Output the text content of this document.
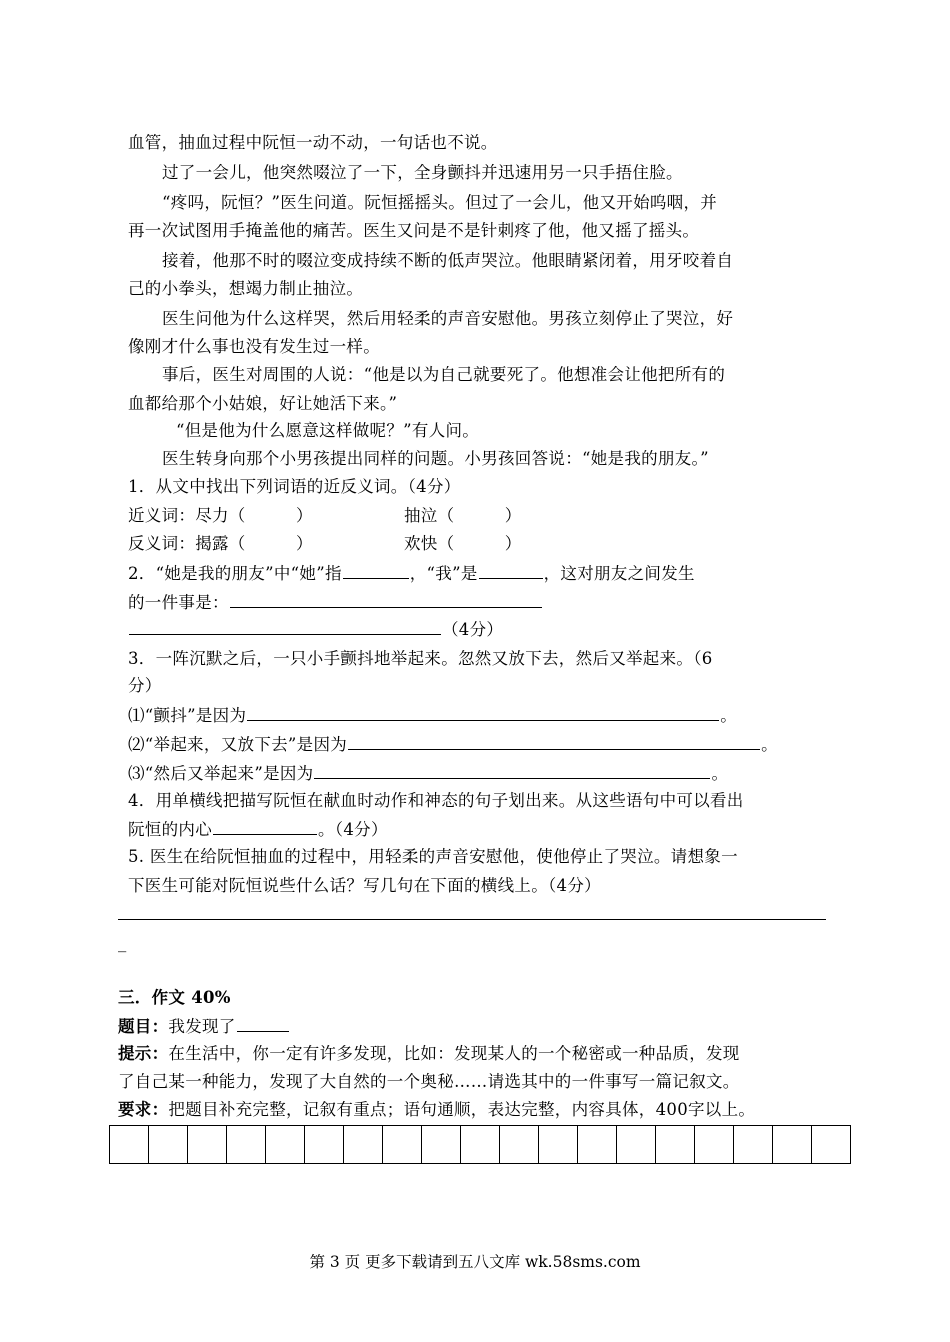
血管，抽血过程中阮恒一动不动，一句话也不说。
过了一会儿，他突然啜泣了一下，全身颤抖并迅速用另一只手捂住脸。
“疼吗，阮恒？”医生问道。阮恒摇摇头。但过了一会儿，他又开始呜咽，并
再一次试图用手掩盖他的痛苦。医生又问是不是针刺疼了他，他又摇了摇头。
接着，他那不时的啜泣变成持续不断的低声哭泣。他眼睛紧闭着，用牙咬着自
己的小拳头，想竭力制止抽泣。
医生问他为什么这样哭，然后用轻柔的声音安慰他。男孩立刻停止了哭泣，好
像刚才什么事也没有发生过一样。
事后，医生对周围的人说：“他是以为自己就要死了。他想准会让他把所有的
血都给那个小姑娘，好让她活下来。”
“但是他为什么愿意这样做呢？”有人问。
医生转身向那个小男孩提出同样的问题。小男孩回答说：“她是我的朋友。”
1．从文中找出下列词语的近反义词。（4分）
近义词：尽力（　　　）	抽泣（　　　）
反义词：揭露（　　　）	欢快（　　　）
2．“她是我的朋友”中“她”指	，“我”是	，这对朋友之间发生
的一件事是：
（4分）
3．一阵沉默之后，一只小手颤抖地举起来。忽然又放下去，然后又举起来。（6
分）
⑴“颤抖”是因为	。
⑵“举起来，又放下去”是因为	。
⑶“然后又举起来”是因为	。
4．用单横线把描写阮恒在献血时动作和神态的句子划出来。从这些语句中可以看出
阮恒的内心	。（4分）
5. 医生在给阮恒抽血的过程中，用轻柔的声音安慰他，使他停止了哭泣。请想象一
下医生可能对阮恒说些什么话？写几句在下面的横线上。（4分）
_
三．作文 40%
题目：我发现了
提示：在生活中，你一定有许多发现，比如：发现某人的一个秘密或一种品质，发现
了自己某一种能力，发现了大自然的一个奥秘……请选其中的一件事写一篇记叙文。
要求：把题目补充完整，记叙有重点；语句通顺，表达完整，内容具体，400字以上。
第 3 页 更多下载请到五八文库 wk.58sms.com
